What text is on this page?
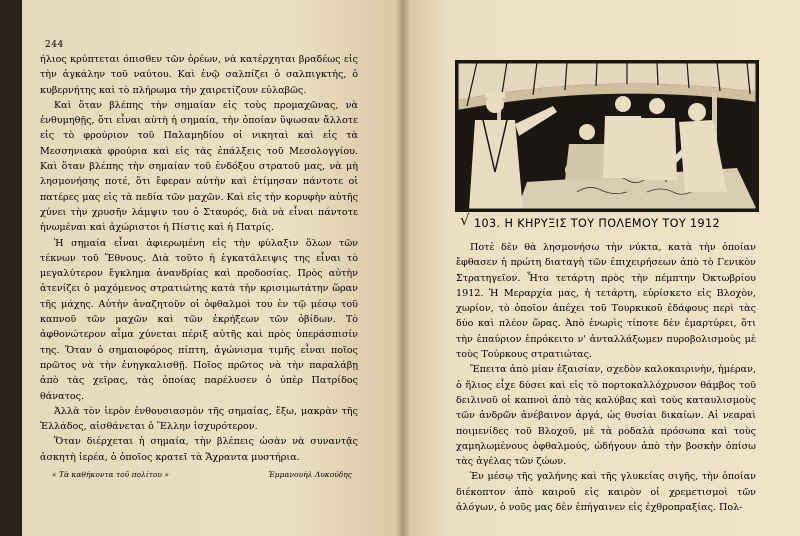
244

ήλιος κρύπτεται όπισθεν τῶν ὀρέων, νὰ κατέρχηται βραδέως εἰς τὴν ἀγκάλην τοῦ ναύτου. Καὶ ἐνῷ σαλπίζει ὁ σαλπιγκτής, ὁ κυβερνήτης καὶ τὸ πλήρωμα τὴν χαιρετίζουν εὐλαβῶς.

Καὶ ὅταν βλέπης τὴν σημαίαν εἰς τοὺς προμαχῶνας, νὰ ἐνθυμηθῇς, ὅτι εἶναι αὐτὴ ἡ σημαία, τὴν ὁποίαν ὕψωσαν ἄλλοτε εἰς τὸ φρούριον τοῦ Παλαμηδίου οἱ νικηταὶ καὶ εἰς τὰ Μεσσηνιακὰ φρούρια καὶ εἰς τὰς ἐπάλξεις τοῦ Μεσολογγίου. Καὶ ὅταν βλέπης τὴν σημαίαν τοῦ ἐνδόξου στρατοῦ μας, νὰ μὴ λησμονήσης ποτέ, ὅτι ἔφεραν αὐτὴν καὶ ἐτίμησαν πάντοτε οἱ πατέρες μας εἰς τὰ πεδία τῶν μαχῶν. Καὶ εἰς τὴν κορυφὴν αὐτῆς χύνει τὴν χρυσῆν λάμψιν του ὁ Σταυρός, διὰ νὰ εἶναι πάντοτε ἡνωμέναι καὶ ἀχώριστοι ἡ Πίστις καὶ ἡ Πατρίς.

Ἡ σημαία εἶναι ἀφιερωμένη εἰς τὴν φύλαξιν ὅλων τῶν τέκνων τοῦ Ἔθνους. Διὰ τοῦτο ἡ ἐγκατάλειψις της εἶναι τὸ μεγαλύτερον ἔγκλημα ἀνανδρίας καὶ προδοσίας. Πρὸς αὐτὴν ἀτενίζει ὁ μαχόμενος στρατιώτης κατὰ τὴν κρισιμωτάτην ὥραν τῆς μάχης. Αὐτὴν ἀναζητοῦν οἱ ὀφθαλμοὶ του ἐν τῷ μέσῳ τοῦ καπνοῦ τῶν μαχῶν καὶ τῶν ἐκρήξεων τῶν ὀβίδων. Τὸ ἀφθονώτερον αἷμα χύνεται πέριξ αὐτῆς καὶ πρὸς ὑπεράσπισίν της. Ὅταν ὁ σημαιοφόρος πίπτη, ἀγώνισμα τιμῆς εἶναι ποῖος πρῶτος νὰ τὴν ἐνηγκαλισθῇ. Ποῖος πρῶτος νὰ τὴν παραλάβῃ ἀπὸ τὰς χεῖρας, τὰς ὁποίας παρέλυσεν ὁ ὑπὲρ Πατρίδος θάνατος.

Ἀλλὰ τὸν ἱερὸν ἐνθουσιασμὸν τῆς σημαίας, ἔξω, μακρὰν τῆς Ἑλλάδος, αἰσθάνεται ὁ Ἕλλην ἰσχυρότερον.

Ὅταν διέρχεται ἡ σημαία, τὴν βλέπεις ὡσὰν νὰ συναντᾷς ἀσκητὴ ἱερέα, ὁ ὁποῖος κρατεῖ τὰ Ἄχραντα μυστήρια.

« Τὰ καθήκοντα τοῦ πολίτου »	Ἐμμανουὴλ Λυκούδης
√ 103. Η ΚΗΡΥΞΙΣ ΤΟΥ ΠΟΛΕΜΟΥ ΤΟΥ 1912

Ποτὲ δὲν θὰ λησμονήσω τὴν νύκτα, κατὰ τὴν ὁποίαν ἔφθασεν ἡ πρώτη διαταγὴ τῶν ἐπιχειρήσεων ἀπὸ τὸ Γενικὸν Στρατηγεῖον. Ἦτο τετάρτη πρὸς τὴν πέμπτην Ὀκτωβρίου 1912. Ἡ Μεραρχία μας, ἡ τετάρτη, εὑρίσκετο εἰς Βλοχὸν, χωρίον, τὸ ὁποῖον ἀπέχει τοῦ Τουρκικοῦ ἐδάφους περὶ τὰς δύο καὶ πλέον ὥρας. Ἀπὸ ἐνωρὶς τίποτε δὲν ἐμαρτύρει, ὅτι τὴν ἐπαύριον ἐπρόκειτο ν' ἀνταλλάξωμεν πυροβολισμοὺς μὲ τοὺς Τούρκους στρατιώτας.

Ἔπειτα ἀπὸ μίαν ἐξαισίαν, σχεδὸν καλοκαιρινὴν, ἡμέραν, ὁ ἥλιος εἶχε δύσει καὶ εἰς τὸ πορτοκαλλόχρυσον θάμβος τοῦ δειλινοῦ οἱ καπνοὶ ἀπὸ τὰς καλύβας καὶ τοὺς καταυλισμοὺς τῶν ἀνδρῶν ἀνέβαινον ἀργά, ὡς θυσίαι δικαίων. Αἱ νεαραὶ ποιμενίδες τοῦ Βλοχοῦ, μὲ τὰ ροδαλὰ πρόσωπα καὶ τοὺς χαμηλωμένους ὀφθαλμούς, ὡδήγουν ἀπὸ τὴν βοσκὴν ὀπίσω τὰς ἀγέλας τῶν ζώων.

Ἐν μέσῳ τῆς γαλήνης καὶ τῆς γλυκείας σιγῆς, τὴν ὁποίαν διέκοπτον ἀπὸ καιροῦ εἰς καιρὸν οἱ χρεμετισμοὶ τῶν ἀλόγων, ὁ νοῦς μας δὲν ἐπήγαινεν εἰς ἐχθροπραξίας. Πολ-
